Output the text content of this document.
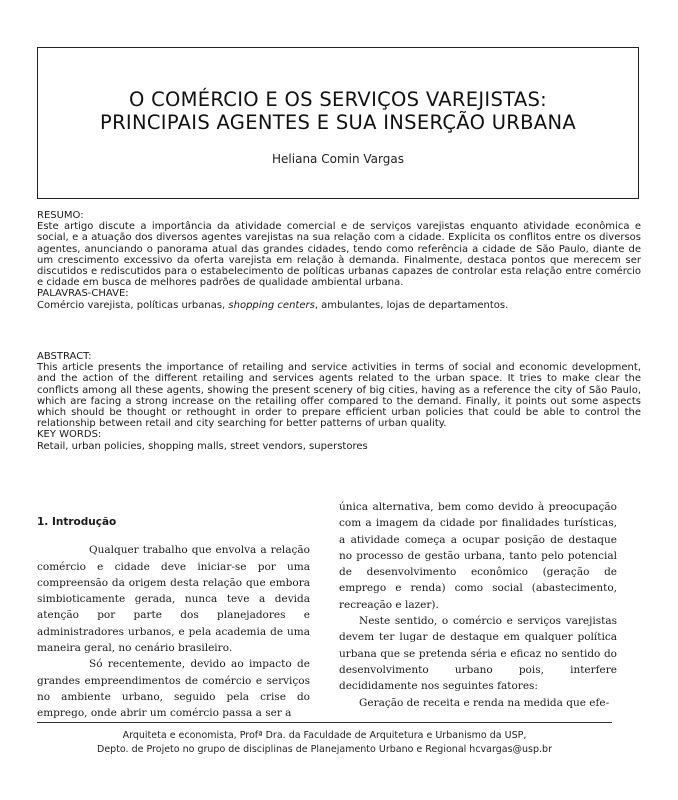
O COMÉRCIO E OS SERVIÇOS VAREJISTAS:
PRINCIPAIS AGENTES E SUA INSERÇÃO URBANA
Heliana Comin Vargas
RESUMO:
Este artigo discute a importância da atividade comercial e de serviços varejistas enquanto atividade econômica e social, e a atuação dos diversos agentes varejistas na sua relação com a cidade. Explicita os conflitos entre os diversos agentes, anunciando o panorama atual das grandes cidades, tendo como referência a cidade de São Paulo, diante de um crescimento excessivo da oferta varejista em relação à demanda. Finalmente, destaca pontos que merecem ser discutidos e rediscutidos para o estabelecimento de políticas urbanas capazes de controlar esta relação entre comércio e cidade em busca de melhores padrões de qualidade ambiental urbana.
PALAVRAS-CHAVE:
Comércio varejista, políticas urbanas, shopping centers, ambulantes, lojas de departamentos.
ABSTRACT:
This article presents the importance of retailing and service activities in terms of social and economic development, and the action of the different retailing and services agents related to the urban space. It tries to make clear the conflicts among all these agents, showing the present scenery of big cities, having as a reference the city of São Paulo, which are facing a strong increase on the retailing offer compared to the demand. Finally, it points out some aspects which should be thought or rethought in order to prepare efficient urban policies that could be able to control the relationship between retail and city searching for better patterns of urban quality.
KEY WORDS:
Retail, urban policies, shopping malls, street vendors, superstores
1. Introdução

Qualquer trabalho que envolva a relação comércio e cidade deve iniciar-se por uma compreensão da origem desta relação que embora simbioticamente gerada, nunca teve a devida atenção por parte dos planejadores e administradores urbanos, e pela academia de uma maneira geral, no cenário brasileiro.

Só recentemente, devido ao impacto de grandes empreendimentos de comércio e serviços no ambiente urbano, seguido pela crise do emprego, onde abrir um comércio passa a ser a

única alternativa, bem como devido à preocupação com a imagem da cidade por finalidades turísticas, a atividade começa a ocupar posição de destaque no processo de gestão urbana, tanto pelo potencial de desenvolvimento econômico (geração de emprego e renda) como social (abastecimento, recreação e lazer).

Neste sentido, o comércio e serviços varejistas devem ter lugar de destaque em qualquer política urbana que se pretenda séria e eficaz no sentido do desenvolvimento urbano pois, interfere decididamente nos seguintes fatores:

Geração de receita e renda na medida que efe-

Arquiteta e economista, Profª Dra. da Faculdade de Arquitetura e Urbanismo da USP,
Depto. de Projeto no grupo de disciplinas de Planejamento Urbano e Regional hcvargas@usp.br
